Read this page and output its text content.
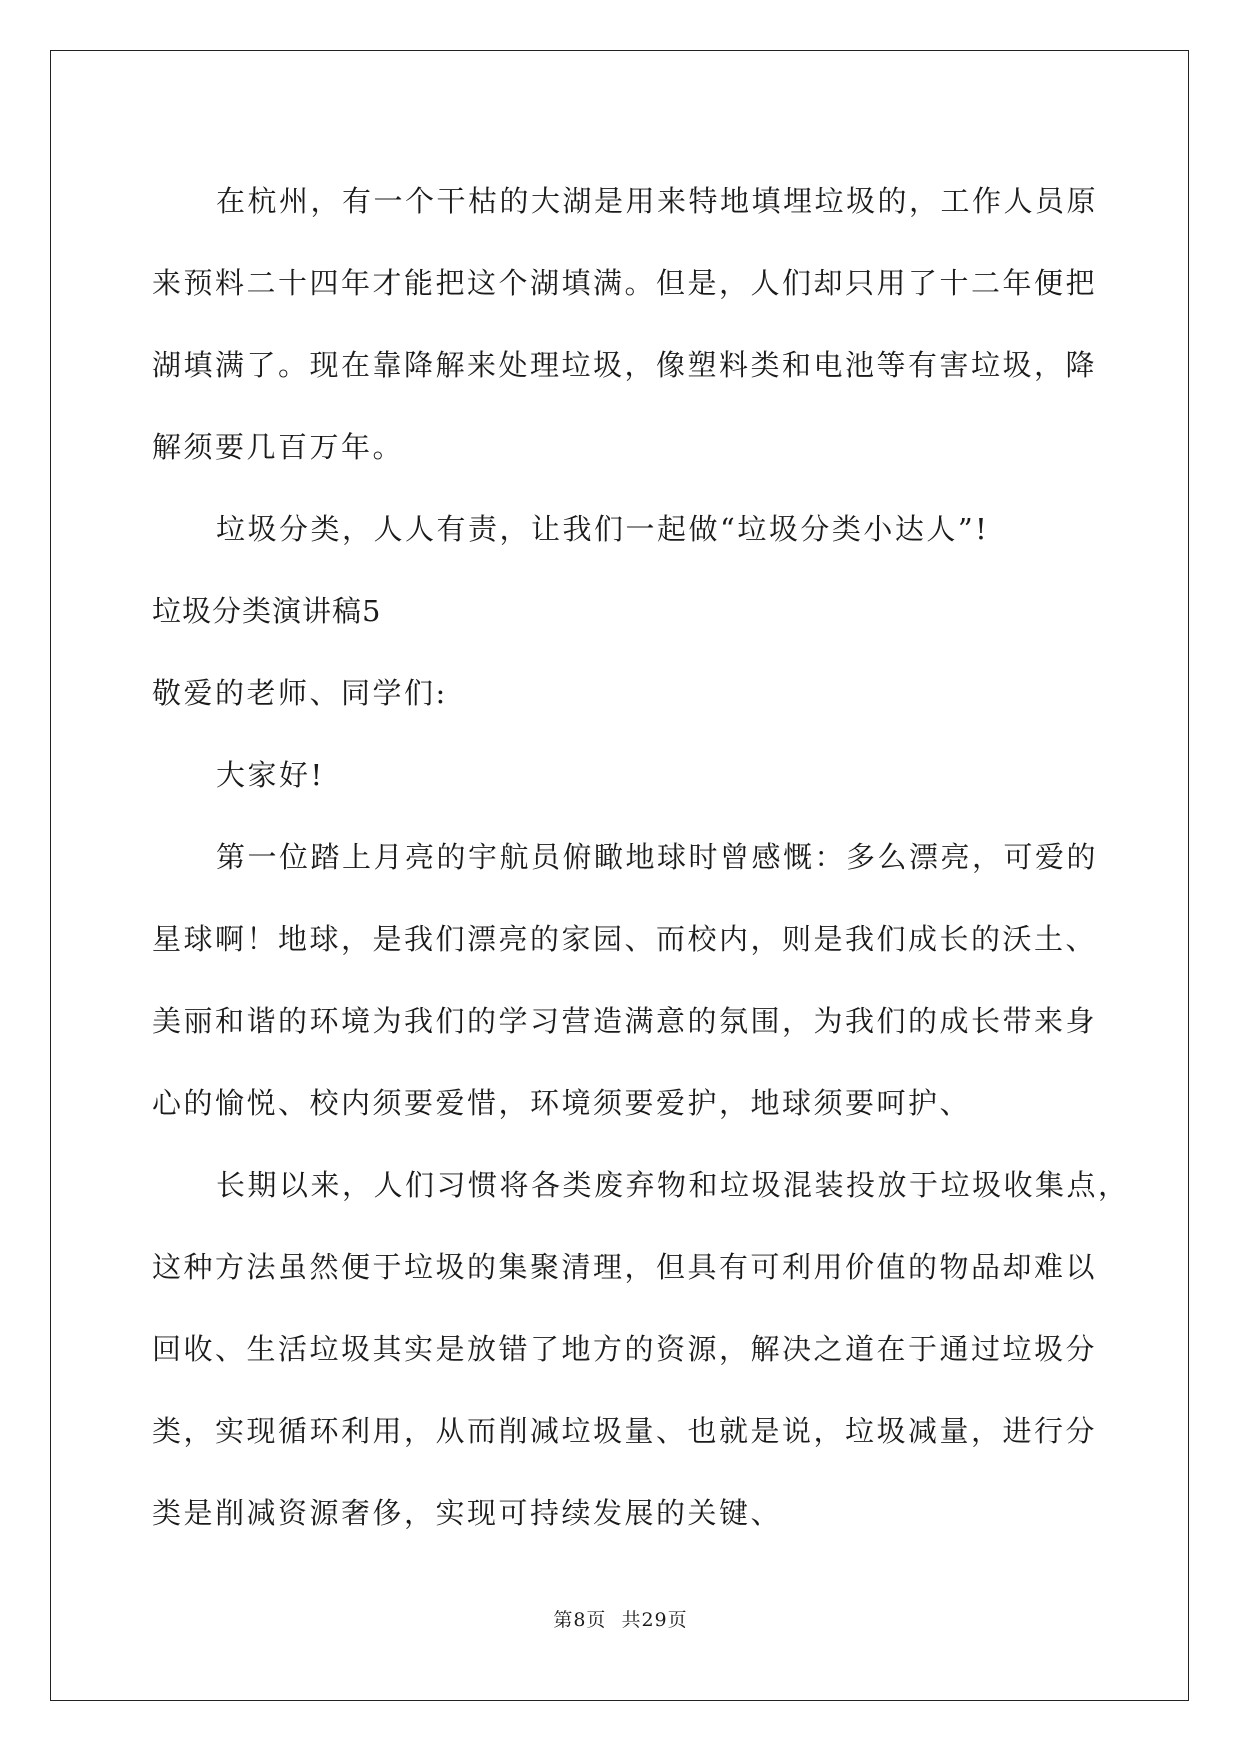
在杭州，有一个干枯的大湖是用来特地填埋垃圾的，工作人员原
来预料二十四年才能把这个湖填满。但是，人们却只用了十二年便把
湖填满了。现在靠降解来处理垃圾，像塑料类和电池等有害垃圾，降
解须要几百万年。
垃圾分类，人人有责，让我们一起做“垃圾分类小达人”!
垃圾分类演讲稿5
敬爱的老师、同学们:
大家好!
第一位踏上月亮的宇航员俯瞰地球时曾感慨：多么漂亮，可爱的
星球啊！地球，是我们漂亮的家园、而校内，则是我们成长的沃土、
美丽和谐的环境为我们的学习营造满意的氛围，为我们的成长带来身
心的愉悦、校内须要爱惜，环境须要爱护，地球须要呵护、
长期以来，人们习惯将各类废弃物和垃圾混装投放于垃圾收集点，
这种方法虽然便于垃圾的集聚清理，但具有可利用价值的物品却难以
回收、生活垃圾其实是放错了地方的资源，解决之道在于通过垃圾分
类，实现循环利用，从而削减垃圾量、也就是说，垃圾减量，进行分
类是削减资源奢侈，实现可持续发展的关键、
第8页 共29页
